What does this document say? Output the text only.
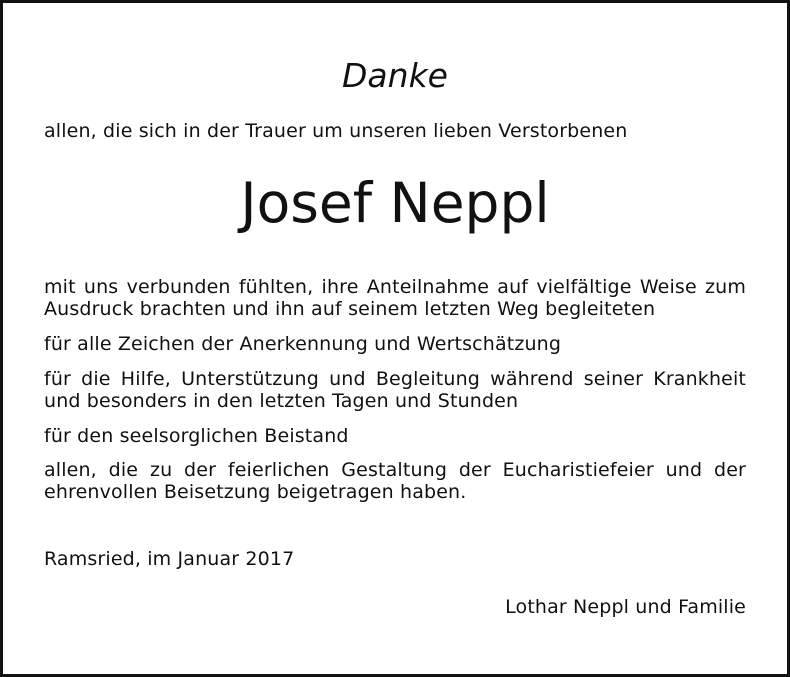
Danke
allen, die sich in der Trauer um unseren lieben Verstorbenen
Josef Neppl
mit uns verbunden fühlten, ihre Anteilnahme auf vielfältige Weise zum Ausdruck brachten und ihn auf seinem letzten Weg begleiteten
für alle Zeichen der Anerkennung und Wertschätzung
für die Hilfe, Unterstützung und Begleitung während seiner Krankheit und besonders in den letzten Tagen und Stunden
für den seelsorglichen Beistand
allen, die zu der feierlichen Gestaltung der Eucharistiefeier und der ehrenvollen Beisetzung beigetragen haben.
Ramsried, im Januar 2017
Lothar Neppl und Familie
